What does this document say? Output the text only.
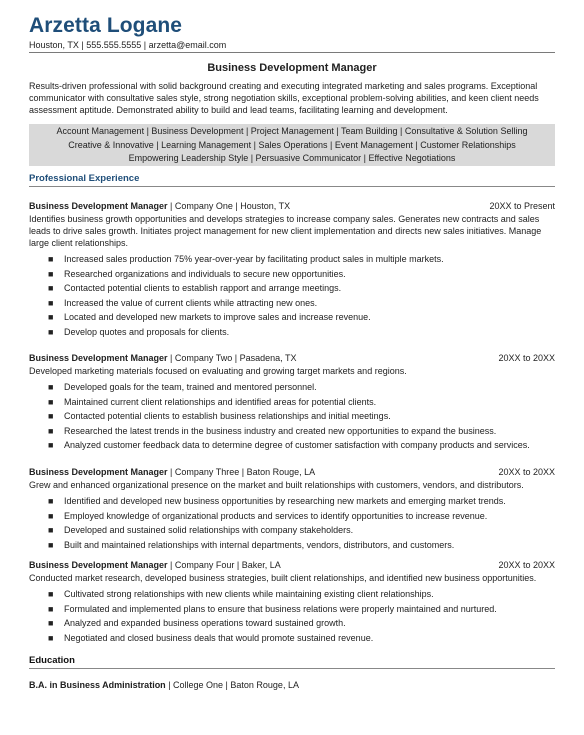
Arzetta Logane
Houston, TX | 555.555.5555 | arzetta@email.com
Business Development Manager
Results-driven professional with solid background creating and executing integrated marketing and sales programs. Exceptional communicator with consultative sales style, strong negotiation skills, exceptional problem-solving abilities, and keen client needs assessment aptitude. Demonstrated ability to build and lead teams, facilitating learning and development.
Account Management | Business Development | Project Management | Team Building | Consultative & Solution Selling
Creative & Innovative | Learning Management | Sales Operations | Event Management | Customer Relationships
Empowering Leadership Style | Persuasive Communicator | Effective Negotiations
Professional Experience
Business Development Manager | Company One | Houston, TX	20XX to Present
Identifies business growth opportunities and develops strategies to increase company sales. Generates new contracts and sales leads to drive sales growth. Initiates project management for new client implementation and directs new sales initiatives. Manage large client relationships.
■ Increased sales production 75% year-over-year by facilitating product sales in multiple markets.
■ Researched organizations and individuals to secure new opportunities.
■ Contacted potential clients to establish rapport and arrange meetings.
■ Increased the value of current clients while attracting new ones.
■ Located and developed new markets to improve sales and increase revenue.
■ Develop quotes and proposals for clients.
Business Development Manager | Company Two | Pasadena, TX	20XX to 20XX
Developed marketing materials focused on evaluating and growing target markets and regions.
■ Developed goals for the team, trained and mentored personnel.
■ Maintained current client relationships and identified areas for potential clients.
■ Contacted potential clients to establish business relationships and initial meetings.
■ Researched the latest trends in the business industry and created new opportunities to expand the business.
■ Analyzed customer feedback data to determine degree of customer satisfaction with company products and services.
Business Development Manager | Company Three | Baton Rouge, LA	20XX to 20XX
Grew and enhanced organizational presence on the market and built relationships with customers, vendors, and distributors.
■ Identified and developed new business opportunities by researching new markets and emerging market trends.
■ Employed knowledge of organizational products and services to identify opportunities to increase revenue.
■ Developed and sustained solid relationships with company stakeholders.
■ Built and maintained relationships with internal departments, vendors, distributors, and customers.
Business Development Manager | Company Four | Baker, LA	20XX to 20XX
Conducted market research, developed business strategies, built client relationships, and identified new business opportunities.
■ Cultivated strong relationships with new clients while maintaining existing client relationships.
■ Formulated and implemented plans to ensure that business relations were properly maintained and nurtured.
■ Analyzed and expanded business operations toward sustained growth.
■ Negotiated and closed business deals that would promote sustained revenue.
Education
B.A. in Business Administration | College One | Baton Rouge, LA
